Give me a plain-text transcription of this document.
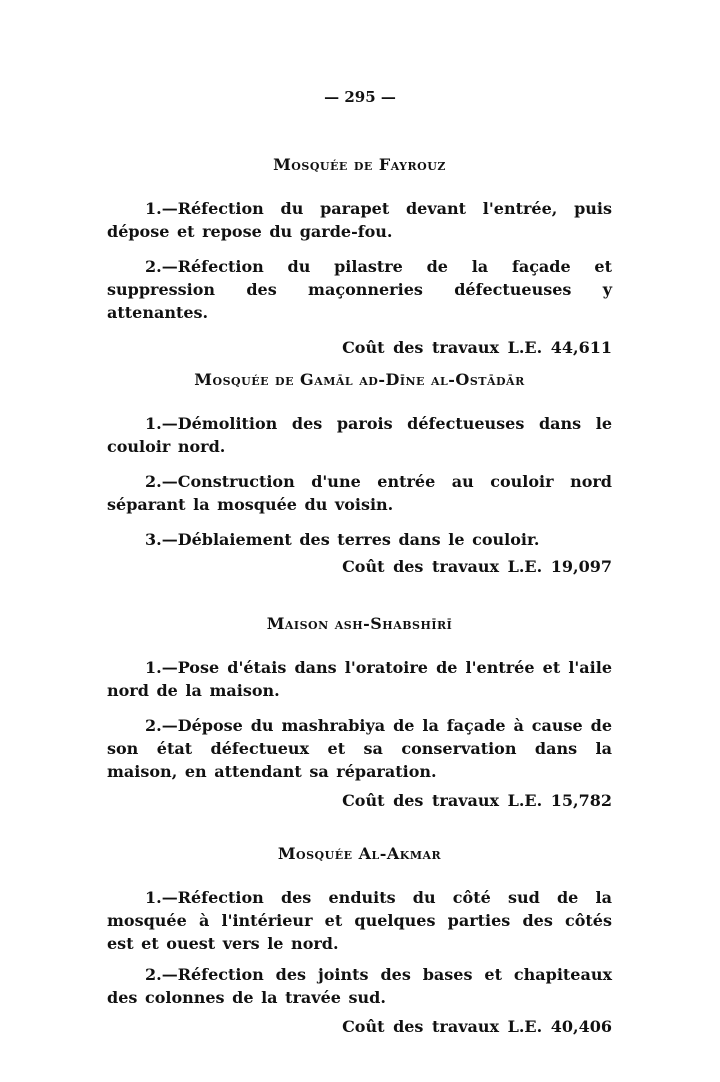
— 295 —
Mosquée de Fayrouz

1.—Réfection du parapet devant l'entrée, puis dépose et repose du garde-fou.

2.—Réfection du pilastre de la façade et suppression des maçonneries défectueuses y attenantes.

Coût des travaux L.E. 44,611

Mosquée de Gamāl ad-Dīne al-Ostādār

1.—Démolition des parois défectueuses dans le couloir nord.

2.—Construction d'une entrée au couloir nord séparant la mosquée du voisin.

3.—Déblaiement des terres dans le couloir.

Coût des travaux L.E. 19,097

Maison ash-Shabshīrī

1.—Pose d'étais dans l'oratoire de l'entrée et l'aile nord de la maison.

2.—Dépose du mashrabiya de la façade à cause de son état défectueux et sa conservation dans la maison, en attendant sa réparation.

Coût des travaux L.E. 15,782

Mosquée Al-Akmar

1.—Réfection des enduits du côté sud de la mosquée à l'intérieur et quelques parties des côtés est et ouest vers le nord.

2.—Réfection des joints des bases et chapiteaux des colonnes de la travée sud.

Coût des travaux L.E. 40,406
